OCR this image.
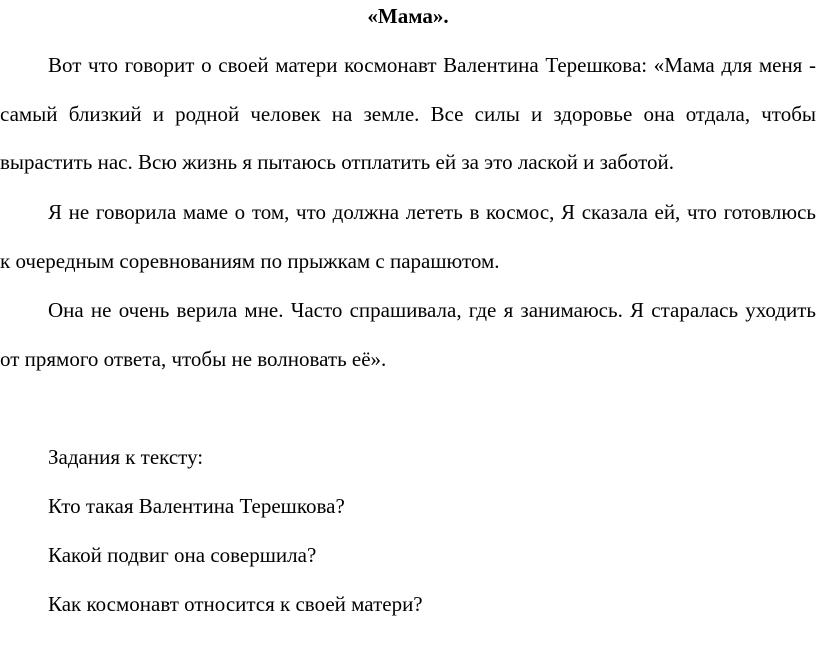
«Мама».
Вот что говорит о своей матери космонавт Валентина Терешкова: «Мама для меня -
самый близкий и родной человек на земле. Все силы и здоровье она отдала, чтобы
вырастить нас. Всю жизнь я пытаюсь отплатить ей за это лаской и заботой.
Я не говорила маме о том, что должна лететь в космос, Я сказала ей, что готовлюсь
к очередным соревнованиям по прыжкам с парашютом.
Она не очень верила мне. Часто спрашивала, где я занимаюсь. Я старалась уходить
от прямого ответа, чтобы не волновать её».
Задания к тексту:
Кто такая Валентина Терешкова?
Какой подвиг она совершила?
Как космонавт относится к своей матери?
